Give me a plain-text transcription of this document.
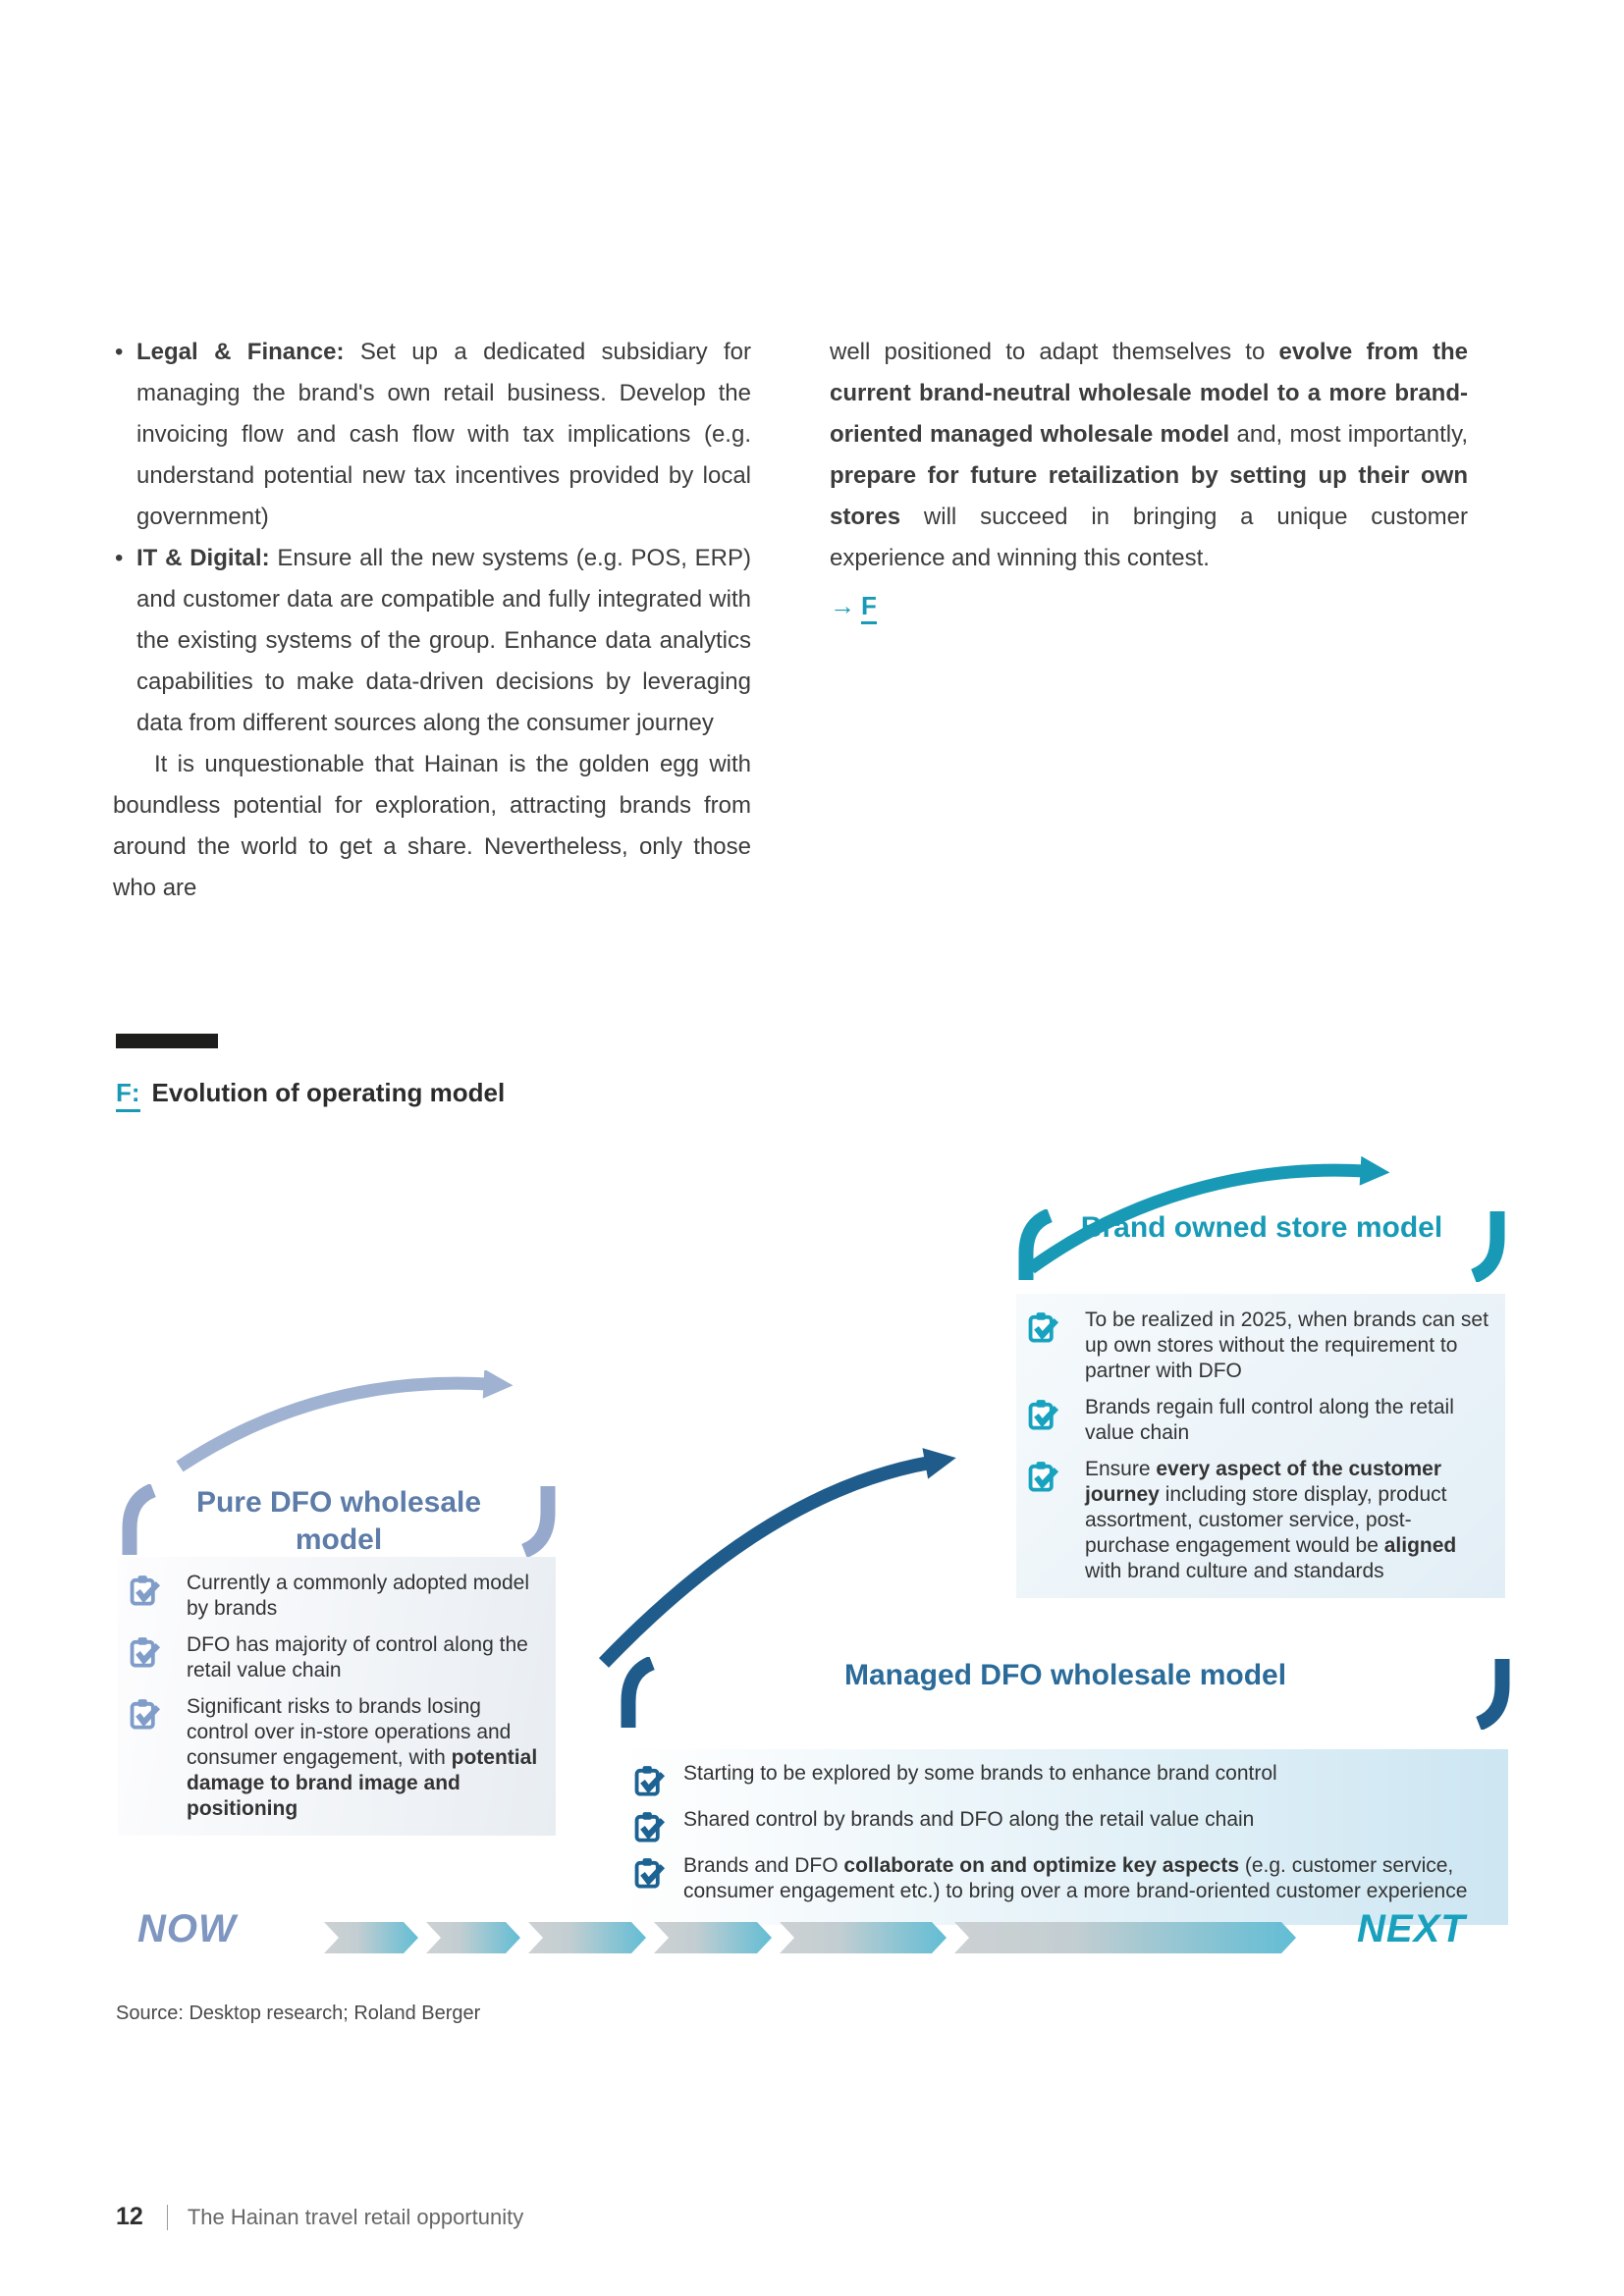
• Legal & Finance: Set up a dedicated subsidiary for managing the brand's own retail business. Develop the invoicing flow and cash flow with tax implications (e.g. understand potential new tax incentives provided by local government)
• IT & Digital: Ensure all the new systems (e.g. POS, ERP) and customer data are compatible and fully integrated with the existing systems of the group. Enhance data analytics capabilities to make data-driven decisions by leveraging data from different sources along the consumer journey
It is unquestionable that Hainan is the golden egg with boundless potential for exploration, attracting brands from around the world to get a share. Nevertheless, only those who are
well positioned to adapt themselves to evolve from the current brand-neutral wholesale model to a more brand-oriented managed wholesale model and, most importantly, prepare for future retailization by setting up their own stores will succeed in bringing a unique customer experience and winning this contest.
→ F
F: Evolution of operating model
Pure DFO wholesale model
Currently a commonly adopted model by brands
DFO has majority of control along the retail value chain
Significant risks to brands losing control over in-store operations and consumer engagement, with potential damage to brand image and positioning
Managed DFO wholesale model
Starting to be explored by some brands to enhance brand control
Shared control by brands and DFO along the retail value chain
Brands and DFO collaborate on and optimize key aspects (e.g. customer service, consumer engagement etc.) to bring over a more brand-oriented customer experience
Brand owned store model
To be realized in 2025, when brands can set up own stores without the requirement to partner with DFO
Brands regain full control along the retail value chain
Ensure every aspect of the customer journey including store display, product assortment, customer service, post-purchase engagement would be aligned with brand culture and standards
NOW	NEXT
Source: Desktop research; Roland Berger
12	The Hainan travel retail opportunity
